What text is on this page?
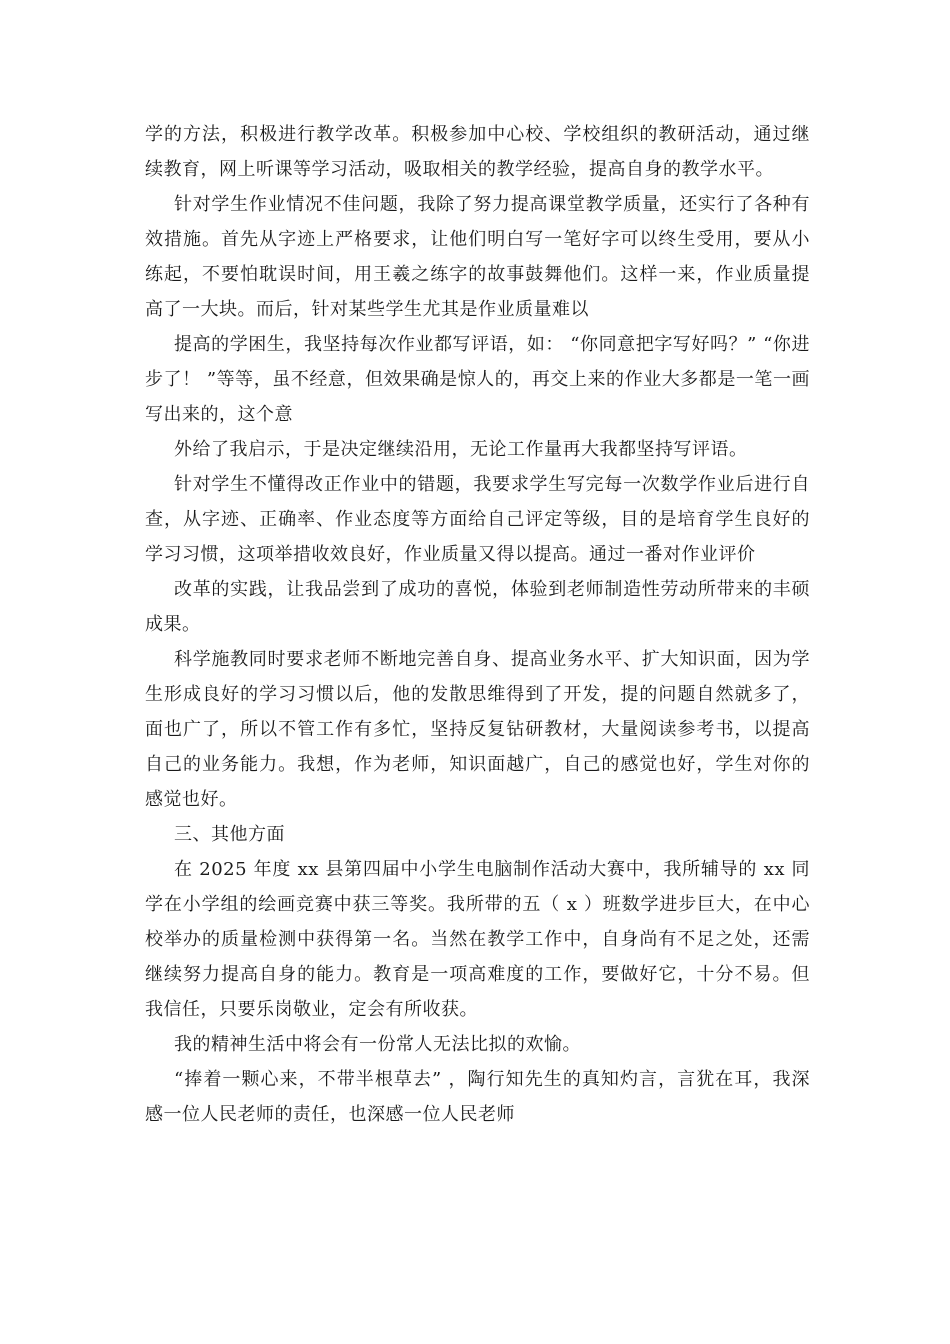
学的方法，积极进行教学改革。积极参加中心校、学校组织的教研活动，通过继续教育，网上听课等学习活动，吸取相关的教学经验，提高自身的教学水平。

针对学生作业情况不佳问题，我除了努力提高课堂教学质量，还实行了各种有效措施。首先从字迹上严格要求，让他们明白写一笔好字可以终生受用，要从小练起，不要怕耽误时间，用王羲之练字的故事鼓舞他们。这样一来，作业质量提高了一大块。而后，针对某些学生尤其是作业质量难以

提高的学困生，我坚持每次作业都写评语，如： “你同意把字写好吗？” “你进步了！ ”等等，虽不经意，但效果确是惊人的，再交上来的作业大多都是一笔一画写出来的，这个意

外给了我启示，于是决定继续沿用，无论工作量再大我都坚持写评语。

针对学生不懂得改正作业中的错题，我要求学生写完每一次数学作业后进行自查，从字迹、正确率、作业态度等方面给自己评定等级，目的是培育学生良好的学习习惯，这项举措收效良好，作业质量又得以提高。通过一番对作业评价

改革的实践，让我品尝到了成功的喜悦，体验到老师制造性劳动所带来的丰硕成果。

科学施教同时要求老师不断地完善自身、提高业务水平、扩大知识面，因为学生形成良好的学习习惯以后，他的发散思维得到了开发，提的问题自然就多了，面也广了，所以不管工作有多忙，坚持反复钻研教材，大量阅读参考书，以提高自己的业务能力。我想，作为老师，知识面越广，自己的感觉也好，学生对你的感觉也好。

三、其他方面

在 2025 年度 xx 县第四届中小学生电脑制作活动大赛中，我所辅导的 xx 同学在小学组的绘画竞赛中获三等奖。我所带的五（ x ）班数学进步巨大，在中心校举办的质量检测中获得第一名。当然在教学工作中，自身尚有不足之处，还需继续努力提高自身的能力。教育是一项高难度的工作，要做好它，十分不易。但我信任，只要乐岗敬业，定会有所收获。

我的精神生活中将会有一份常人无法比拟的欢愉。

“捧着一颗心来，不带半根草去” ，陶行知先生的真知灼言，言犹在耳，我深感一位人民老师的责任，也深感一位人民老师
